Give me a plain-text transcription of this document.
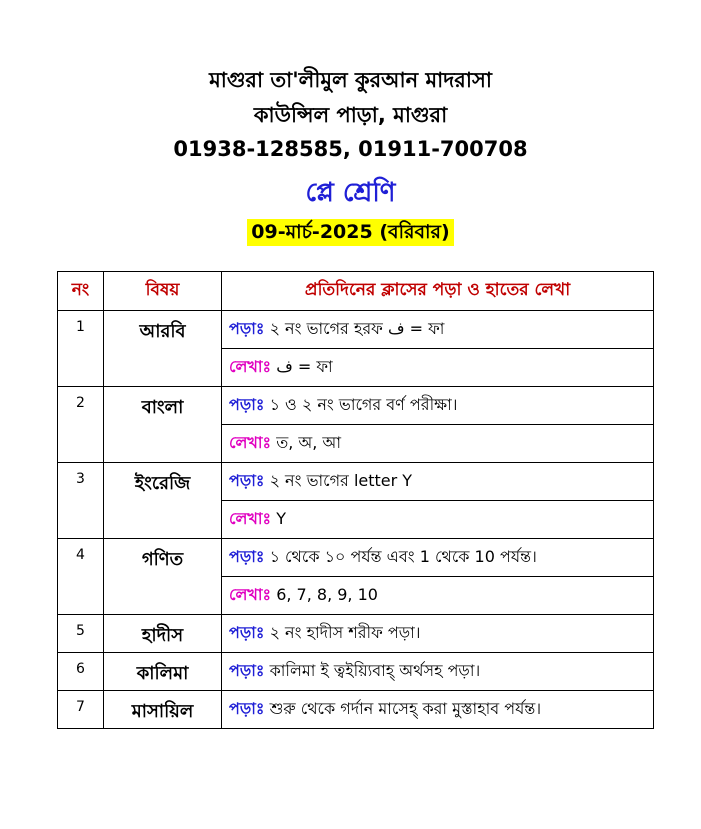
মাগুরা তা'লীমুল কুরআন মাদরাসা
কাউন্সিল পাড়া, মাগুরা
01938-128585, 01911-700708
প্লে শ্রেণি
09-মার্চ-2025 (বরিবার)
নং	বিষয়	প্রতিদিনের ক্লাসের পড়া ও হাতের লেখা
1	আরবি	পড়াঃ ২ নং ভাগের হরফ ف = ফা
		লেখাঃ ف = ফা
2	বাংলা	পড়াঃ ১ ও ২ নং ভাগের বর্ণ পরীক্ষা।
		লেখাঃ ত, অ, আ
3	ইংরেজি	পড়াঃ ২ নং ভাগের letter Y
		লেখাঃ Y
4	গণিত	পড়াঃ ১ থেকে ১০ পর্যন্ত এবং 1 থেকে 10 পর্যন্ত।
		লেখাঃ 6, 7, 8, 9, 10
5	হাদীস	পড়াঃ ২ নং হাদীস শরীফ পড়া।
6	কালিমা	পড়াঃ কালিমা ই ত্বইয়্যিবাহ্ অর্থসহ পড়া।
7	মাসায়িল	পড়াঃ শুরু থেকে গর্দান মাসেহ্ করা মুস্তাহাব পর্যন্ত।
